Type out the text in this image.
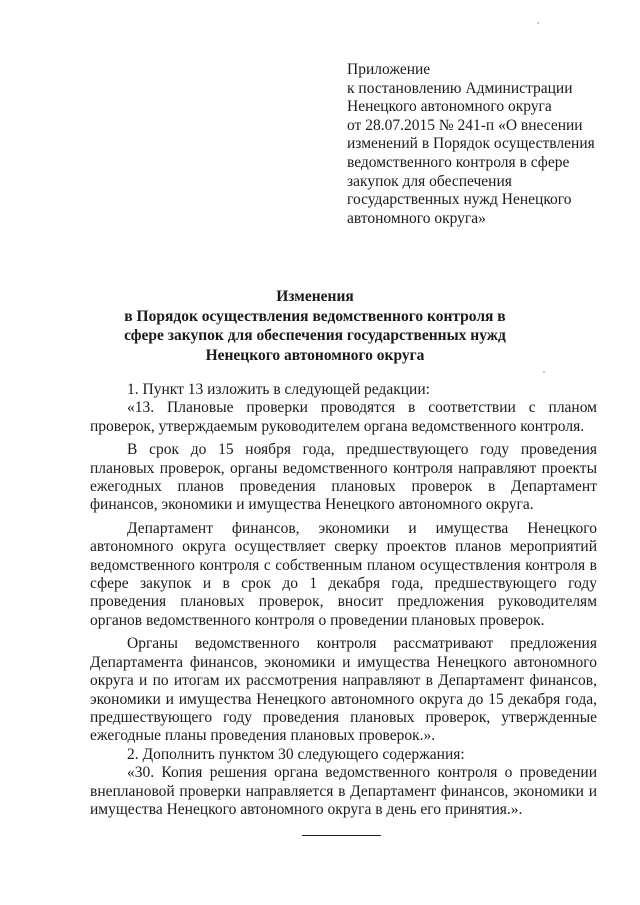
Приложение
к постановлению Администрации
Ненецкого автономного округа
от 28.07.2015 № 241-п «О внесении
изменений в Порядок осуществления
ведомственного контроля в сфере
закупок для обеспечения
государственных нужд Ненецкого
автономного округа»
Изменения
в Порядок осуществления ведомственного контроля в
сфере закупок для обеспечения государственных нужд
Ненецкого автономного округа

1. Пункт 13 изложить в следующей редакции:

«13. Плановые проверки проводятся в соответствии с планом проверок, утверждаемым руководителем органа ведомственного контроля.

В срок до 15 ноября года, предшествующего году проведения плановых проверок, органы ведомственного контроля направляют проекты ежегодных планов проведения плановых проверок в Департамент финансов, экономики и имущества Ненецкого автономного округа.

Департамент финансов, экономики и имущества Ненецкого автономного округа осуществляет сверку проектов планов мероприятий ведомственного контроля с собственным планом осуществления контроля в сфере закупок и в срок до 1 декабря года, предшествующего году проведения плановых проверок, вносит предложения руководителям органов ведомственного контроля о проведении плановых проверок.

Органы ведомственного контроля рассматривают предложения Департамента финансов, экономики и имущества Ненецкого автономного округа и по итогам их рассмотрения направляют в Департамент финансов, экономики и имущества Ненецкого автономного округа до 15 декабря года, предшествующего году проведения плановых проверок, утвержденные ежегодные планы проведения плановых проверок.».

2. Дополнить пунктом 30 следующего содержания:

«30. Копия решения органа ведомственного контроля о проведении внеплановой проверки направляется в Департамент финансов, экономики и имущества Ненецкого автономного округа в день его принятия.».
